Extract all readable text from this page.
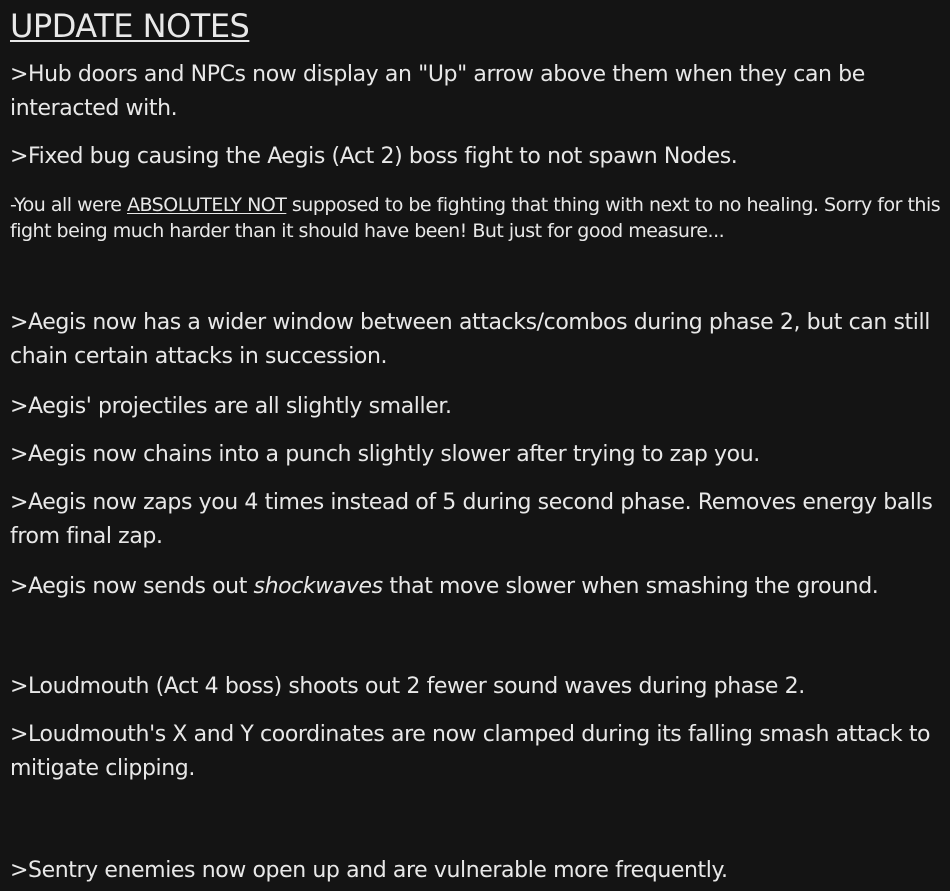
UPDATE NOTES

>Hub doors and NPCs now display an "Up" arrow above them when they can be interacted with.

>Fixed bug causing the Aegis (Act 2) boss fight to not spawn Nodes.

-You all were ABSOLUTELY NOT supposed to be fighting that thing with next to no healing. Sorry for this fight being much harder than it should have been! But just for good measure...

>Aegis now has a wider window between attacks/combos during phase 2, but can still chain certain attacks in succession.

>Aegis' projectiles are all slightly smaller.

>Aegis now chains into a punch slightly slower after trying to zap you.

>Aegis now zaps you 4 times instead of 5 during second phase. Removes energy balls from final zap.

>Aegis now sends out shockwaves that move slower when smashing the ground.

>Loudmouth (Act 4 boss) shoots out 2 fewer sound waves during phase 2.

>Loudmouth's X and Y coordinates are now clamped during its falling smash attack to mitigate clipping.

>Sentry enemies now open up and are vulnerable more frequently.
